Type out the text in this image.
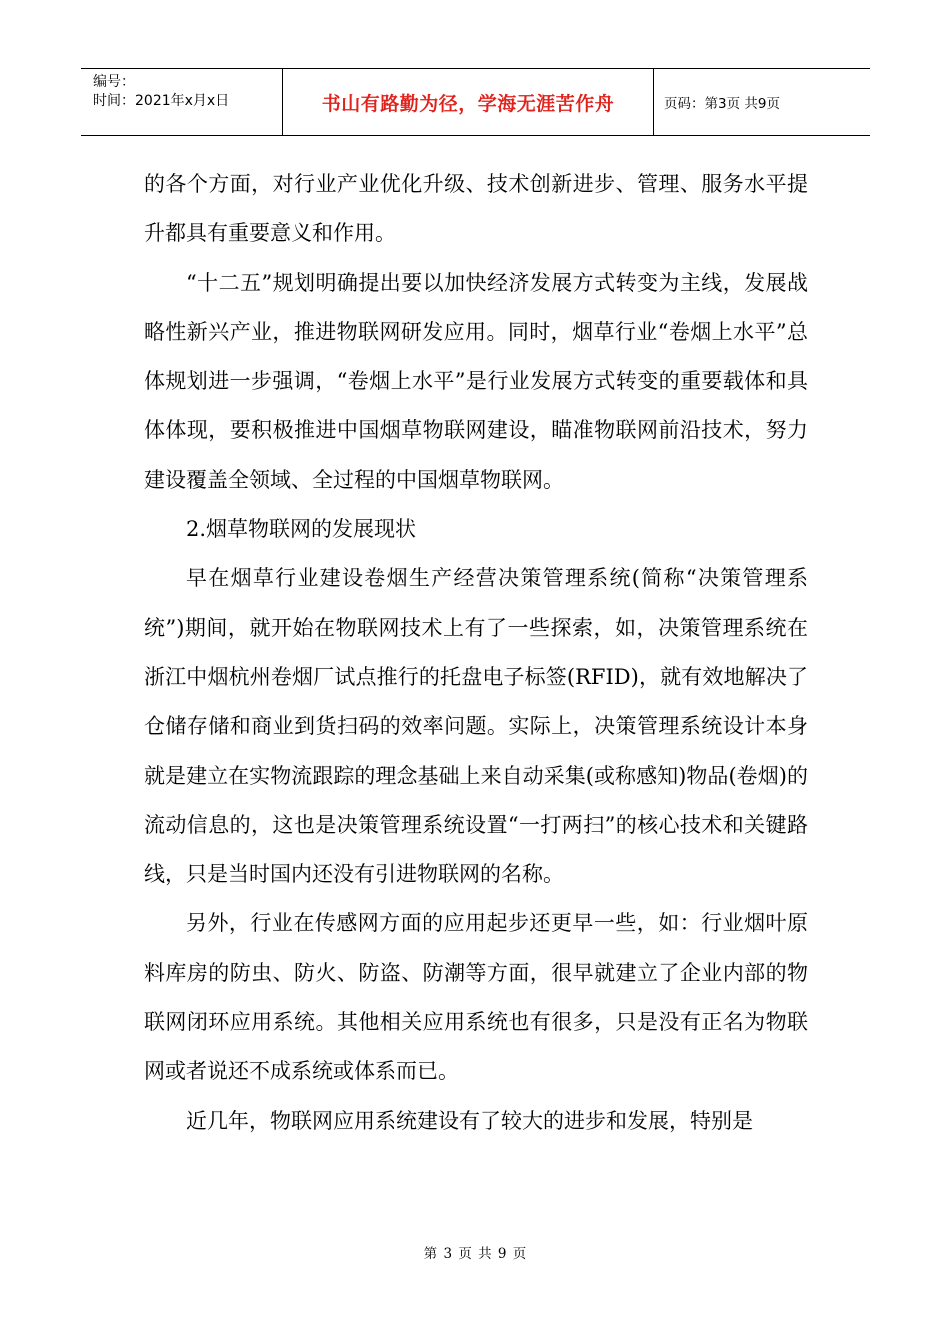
编号：
时间：2021年x月x日	书山有路勤为径，学海无涯苦作舟	页码：第3页 共9页

的各个方面，对行业产业优化升级、技术创新进步、管理、服务水平提升都具有重要意义和作用。

“十二五”规划明确提出要以加快经济发展方式转变为主线，发展战略性新兴产业，推进物联网研发应用。同时，烟草行业“卷烟上水平”总体规划进一步强调，“卷烟上水平”是行业发展方式转变的重要载体和具体体现，要积极推进中国烟草物联网建设，瞄准物联网前沿技术，努力建设覆盖全领域、全过程的中国烟草物联网。

2.烟草物联网的发展现状

早在烟草行业建设卷烟生产经营决策管理系统(简称“决策管理系统”)期间，就开始在物联网技术上有了一些探索，如，决策管理系统在浙江中烟杭州卷烟厂试点推行的托盘电子标签(RFID)，就有效地解决了仓储存储和商业到货扫码的效率问题。实际上，决策管理系统设计本身就是建立在实物流跟踪的理念基础上来自动采集(或称感知)物品(卷烟)的流动信息的，这也是决策管理系统设置“一打两扫”的核心技术和关键路线，只是当时国内还没有引进物联网的名称。

另外，行业在传感网方面的应用起步还更早一些，如：行业烟叶原料库房的防虫、防火、防盗、防潮等方面，很早就建立了企业内部的物联网闭环应用系统。其他相关应用系统也有很多，只是没有正名为物联网或者说还不成系统或体系而已。

近几年，物联网应用系统建设有了较大的进步和发展，特别是

第 3 页 共 9 页
